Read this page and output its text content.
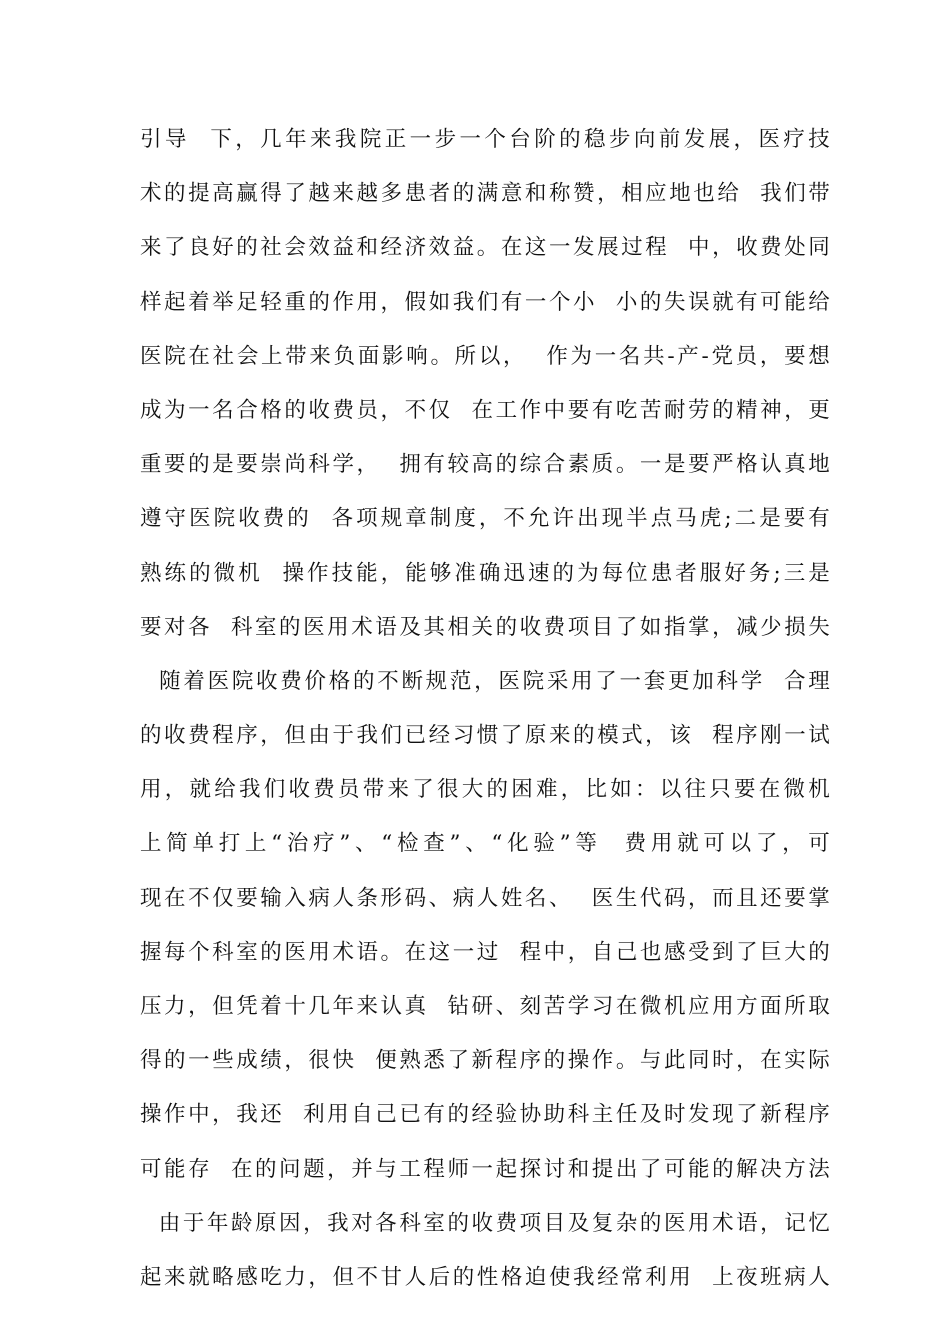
引导  下，几年来我院正一步一个台阶的稳步向前发展，医疗技
术的提高赢得了越来越多患者的满意和称赞，相应地也给  我们带
来了良好的社会效益和经济效益。在这一发展过程  中，收费处同
样起着举足轻重的作用，假如我们有一个小  小的失误就有可能给
医院在社会上带来负面影响。所以，  作为一名共-产-党员，要想
成为一名合格的收费员，不仅  在工作中要有吃苦耐劳的精神，更
重要的是要崇尚科学，  拥有较高的综合素质。一是要严格认真地
遵守医院收费的  各项规章制度，不允许出现半点马虎;二是要有
熟练的微机  操作技能，能够准确迅速的为每位患者服好务;三是
要对各  科室的医用术语及其相关的收费项目了如指掌，减少损失
随着医院收费价格的不断规范，医院采用了一套更加科学  合理
的收费程序，但由于我们已经习惯了原来的模式，该  程序刚一试
用，就给我们收费员带来了很大的困难，比如：以往只要在微机
上简单打上“治疗”、“检查”、“化验”等  费用就可以了，可
现在不仅要输入病人条形码、病人姓名、  医生代码，而且还要掌
握每个科室的医用术语。在这一过  程中，自己也感受到了巨大的
压力，但凭着十几年来认真  钻研、刻苦学习在微机应用方面所取
得的一些成绩，很快  便熟悉了新程序的操作。与此同时，在实际
操作中，我还  利用自己已有的经验协助科主任及时发现了新程序
可能存  在的问题，并与工程师一起探讨和提出了可能的解决方法
由于年龄原因，我对各科室的收费项目及复杂的医用术语，记忆
起来就略感吃力，但不甘人后的性格迫使我经常利用  上夜班病人
